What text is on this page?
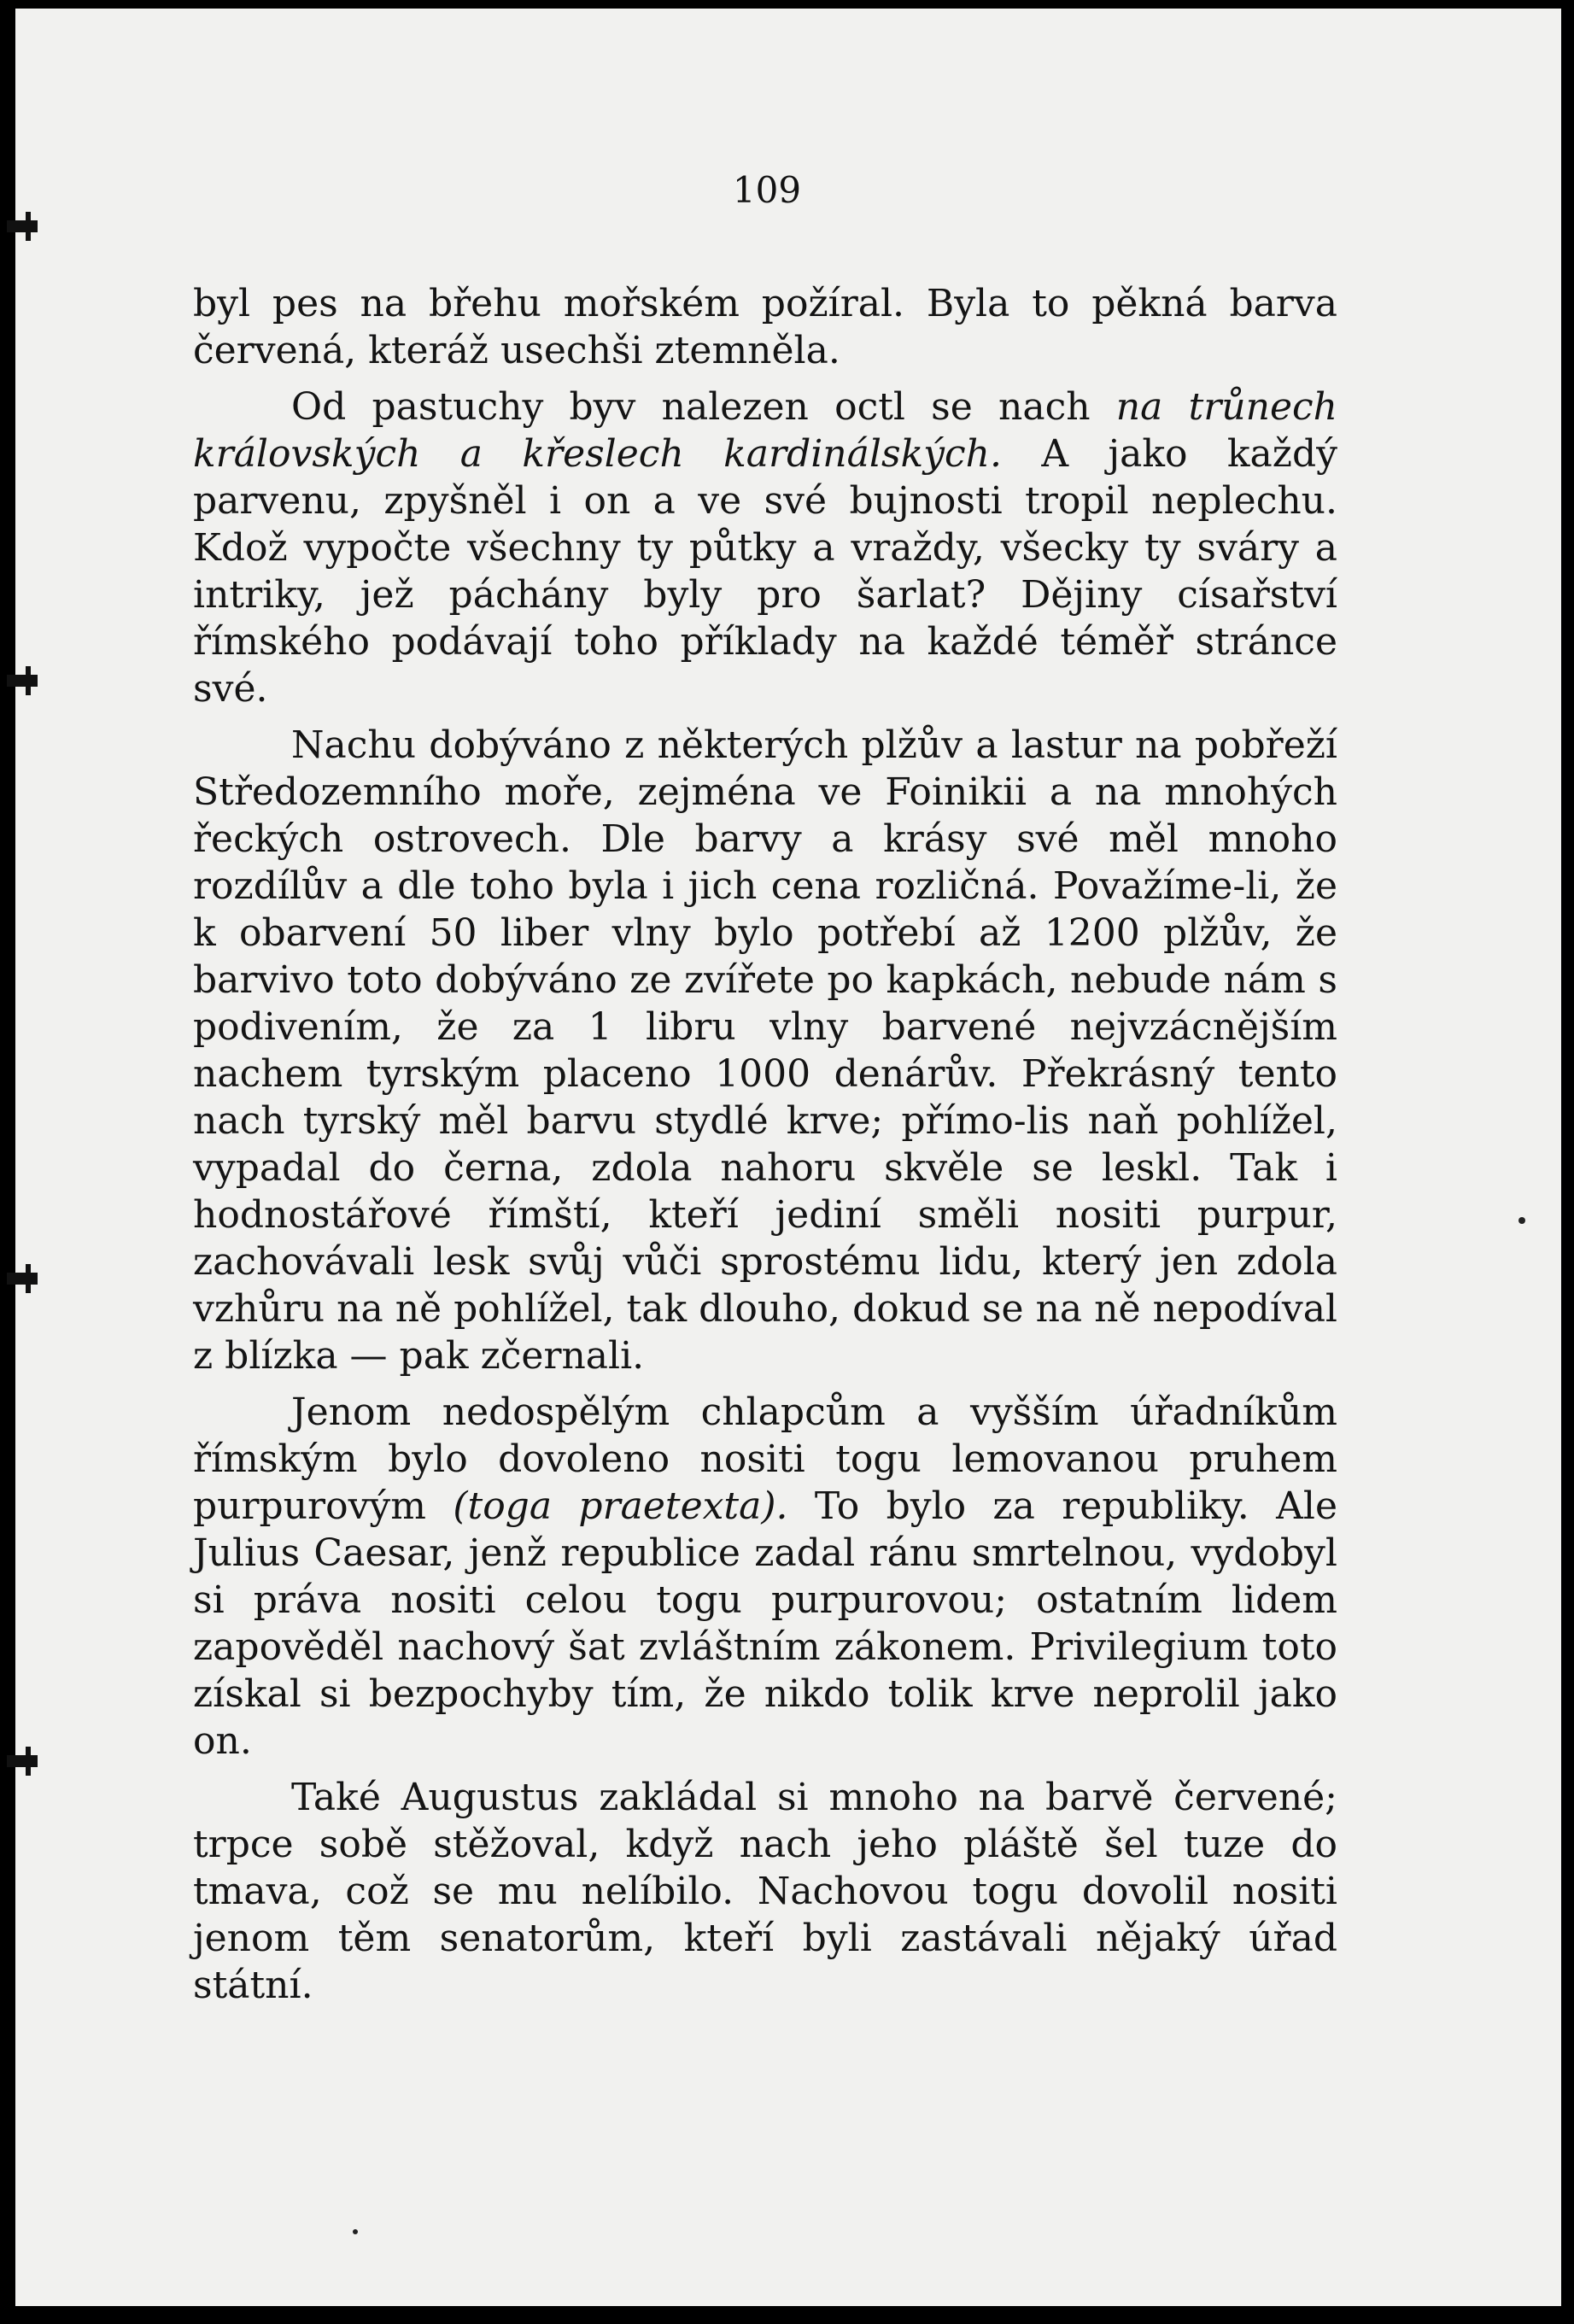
109

byl pes na břehu mořském požíral. Byla to pěkná barva červená, kteráž usechši ztemněla.

Od pastuchy byv nalezen octl se nach na trůnech královských a křeslech kardinálských. A jako každý parvenu, zpyšněl i on a ve své bujnosti tropil neplechu. Kdož vypočte všechny ty půtky a vraždy, všecky ty sváry a intriky, jež páchány byly pro šarlat? Dějiny císařství římského podávají toho příklady na každé téměř stránce své.

Nachu dobýváno z některých plžův a lastur na pobřeží Středozemního moře, zejména ve Foinikii a na mnohých řeckých ostrovech. Dle barvy a krásy své měl mnoho rozdílův a dle toho byla i jich cena rozličná. Považíme-li, že k obarvení 50 liber vlny bylo potřebí až 1200 plžův, že barvivo toto dobýváno ze zvířete po kapkách, nebude nám s podivením, že za 1 libru vlny barvené nejvzácnějším nachem tyrským placeno 1000 denárův. Překrásný tento nach tyrský měl barvu stydlé krve; přímo-lis naň pohlížel, vypadal do černa, zdola nahoru skvěle se leskl. Tak i hodnostářové římští, kteří jediní směli nositi purpur, zachovávali lesk svůj vůči sprostému lidu, který jen zdola vzhůru na ně pohlížel, tak dlouho, dokud se na ně nepodíval z blízka — pak zčernali.

Jenom nedospělým chlapcům a vyšším úřadníkům římským bylo dovoleno nositi togu lemovanou pruhem purpurovým (toga praetexta). To bylo za republiky. Ale Julius Caesar, jenž republice zadal ránu smrtelnou, vydobyl si práva nositi celou togu purpurovou; ostatním lidem zapověděl nachový šat zvláštním zákonem. Privilegium toto získal si bezpochyby tím, že nikdo tolik krve neprolil jako on.

Také Augustus zakládal si mnoho na barvě červené; trpce sobě stěžoval, když nach jeho pláště šel tuze do tmava, což se mu nelíbilo. Nachovou togu dovolil nositi jenom těm senatorům, kteří byli zastávali nějaký úřad státní.
